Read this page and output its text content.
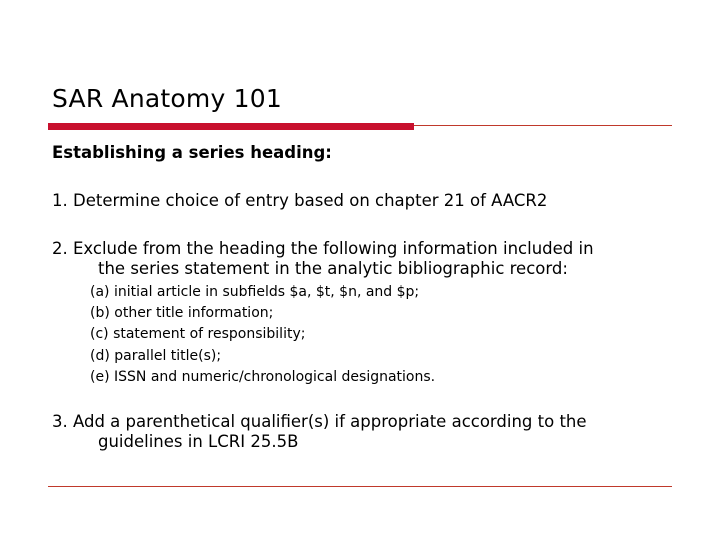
SAR Anatomy 101
Establishing a series heading:
1. Determine choice of entry based on chapter 21 of AACR2
2. Exclude from the heading the following information included in
the series statement in the analytic bibliographic record:
(a) initial article in subfields $a, $t, $n, and $p;
(b) other title information;
(c) statement of responsibility;
(d) parallel title(s);
(e) ISSN and numeric/chronological designations.
3. Add a parenthetical qualifier(s) if appropriate according to the
guidelines in LCRI 25.5B
